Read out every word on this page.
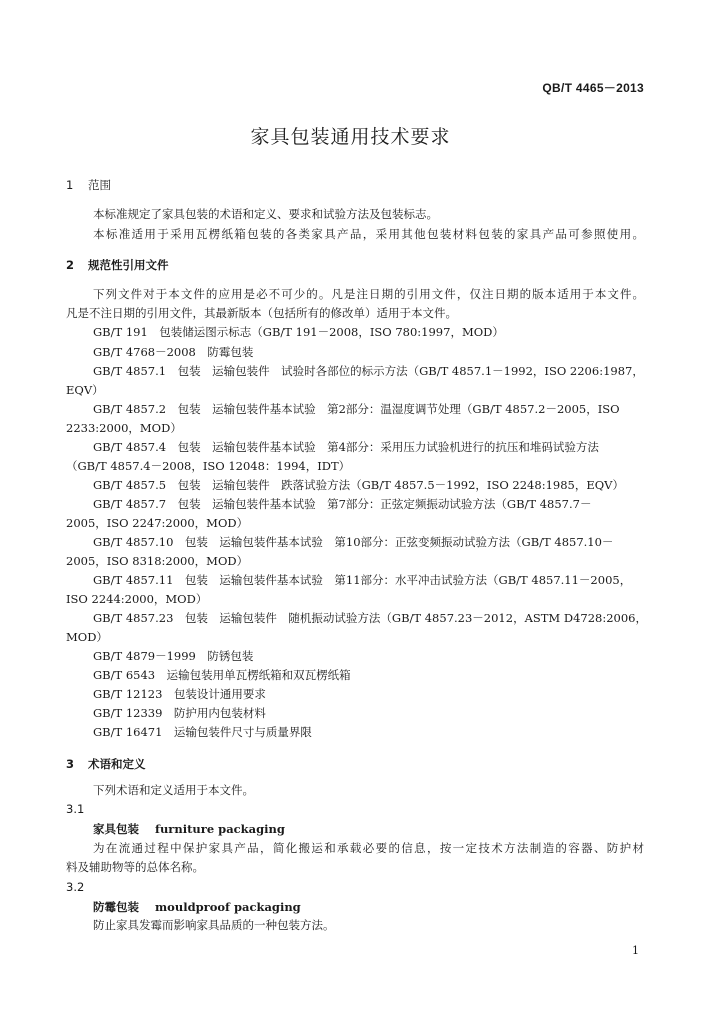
QB/T 4465－2013
家具包装通用技术要求
1 范围
本标准规定了家具包装的术语和定义、要求和试验方法及包装标志。
本标准适用于采用瓦楞纸箱包装的各类家具产品，采用其他包装材料包装的家具产品可参照使用。
2 规范性引用文件
下列文件对于本文件的应用是必不可少的。凡是注日期的引用文件，仅注日期的版本适用于本文件。
凡是不注日期的引用文件，其最新版本（包括所有的修改单）适用于本文件。
GB/T 191　 包装储运图示标志（GB/T 191－2008，ISO 780:1997，MOD）
GB/T 4768－2008　 防霉包装
GB/T 4857.1　 包装　运输包装件　试验时各部位的标示方法（GB/T 4857.1－1992，ISO 2206:1987，
EQV）
GB/T 4857.2　 包装　运输包装件基本试验　第2部分：温湿度调节处理（GB/T 4857.2－2005，ISO
2233:2000，MOD）
GB/T 4857.4　 包装　运输包装件基本试验　第4部分：采用压力试验机进行的抗压和堆码试验方法
（GB/T 4857.4－2008，ISO 12048：1994，IDT）
GB/T 4857.5　 包装　运输包装件　跌落试验方法（GB/T 4857.5－1992，ISO 2248:1985，EQV）
GB/T 4857.7　 包装　运输包装件基本试验　第7部分：正弦定频振动试验方法（GB/T 4857.7－
2005，ISO 2247:2000，MOD）
GB/T 4857.10　 包装　运输包装件基本试验　第10部分：正弦变频振动试验方法（GB/T 4857.10－
2005，ISO 8318:2000，MOD）
GB/T 4857.11　 包装　运输包装件基本试验　第11部分：水平冲击试验方法（GB/T 4857.11－2005，
ISO 2244:2000，MOD）
GB/T 4857.23　 包装　运输包装件　随机振动试验方法（GB/T 4857.23－2012，ASTM D4728:2006，
MOD）
GB/T 4879－1999　 防锈包装
GB/T 6543　 运输包装用单瓦楞纸箱和双瓦楞纸箱
GB/T 12123　 包装设计通用要求
GB/T 12339　 防护用内包装材料
GB/T 16471　 运输包装件尺寸与质量界限
3 术语和定义
下列术语和定义适用于本文件。
3.1
家具包装 furniture packaging
为在流通过程中保护家具产品，简化搬运和承载必要的信息，按一定技术方法制造的容器、防护材
料及辅助物等的总体名称。
3.2
防霉包装 mouldproof packaging
防止家具发霉而影响家具品质的一种包装方法。
1
